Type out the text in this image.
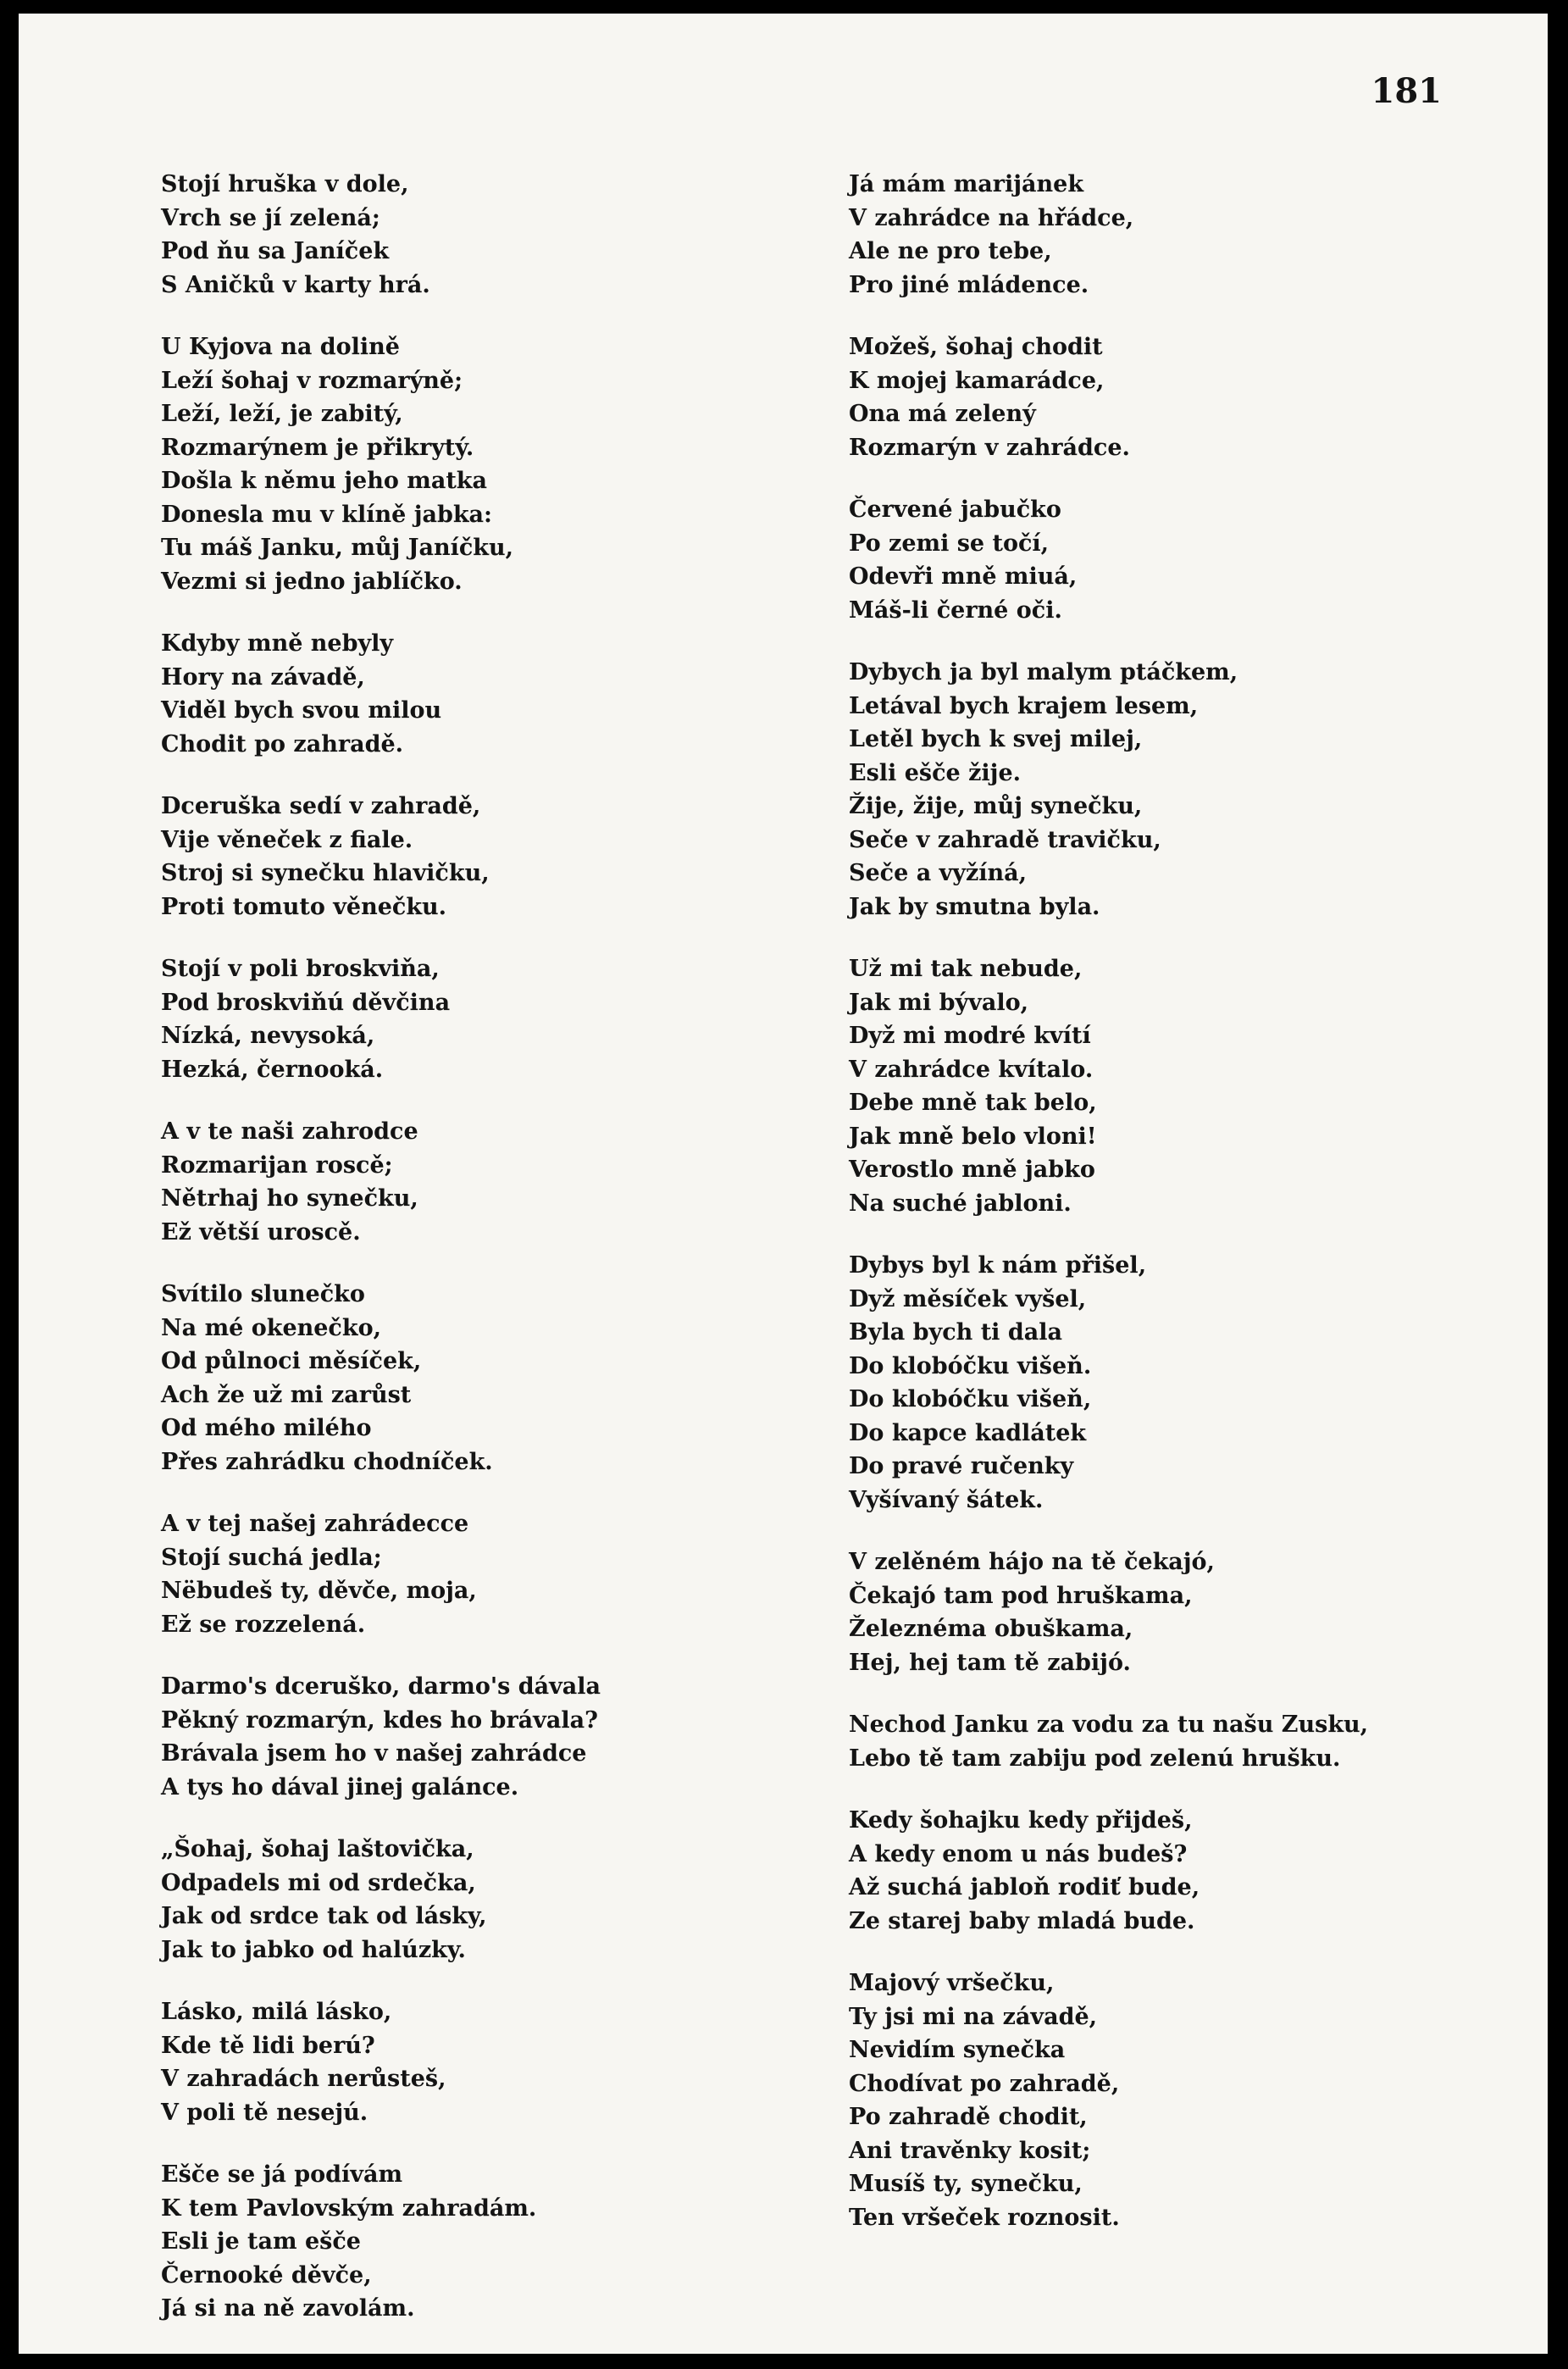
181
Stojí hruška v dole,
Vrch se jí zelená;
Pod ňu sa Janíček
S Aničků v karty hrá.
U Kyjova na dolině
Leží šohaj v rozmarýně;
Leží, leží, je zabitý,
Rozmarýnem je přikrytý.
Došla k němu jeho matka
Donesla mu v klíně jabka:
Tu máš Janku, můj Janíčku,
Vezmi si jedno jablíčko.
Kdyby mně nebyly
Hory na závadě,
Viděl bych svou milou
Chodit po zahradě.
Dceruška sedí v zahradě,
Vije věneček z fiale.
Stroj si synečku hlavičku,
Proti tomuto věnečku.
Stojí v poli broskviňa,
Pod broskviňú děvčina
Nízká, nevysoká,
Hezká, černooká.
A v te naši zahrodce
Rozmarijan roscě;
Nětrhaj ho synečku,
Ež větší uroscě.
Svítilo slunečko
Na mé okenečko,
Od půlnoci měsíček,
Ach že už mi zarůst
Od mého milého
Přes zahrádku chodníček.
A v tej našej zahrádecce
Stojí suchá jedla;
Nëbudeš ty, děvče, moja,
Ež se rozzelená.
Darmo's dceruško, darmo's dávala
Pěkný rozmarýn, kdes ho brávala?
Brávala jsem ho v našej zahrádce
A tys ho dával jinej galánce.
„Šohaj, šohaj laštovička,
Odpadels mi od srdečka,
Jak od srdce tak od lásky,
Jak to jabko od halúzky.
Lásko, milá lásko,
Kde tě lidi berú?
V zahradách nerůsteš,
V poli tě nesejú.
Ešče se já podívám
K tem Pavlovským zahradám.
Esli je tam ešče
Černooké děvče,
Já si na ně zavolám.
Já mám marijánek
V zahrádce na hřádce,
Ale ne pro tebe,
Pro jiné mládence.
Možeš, šohaj chodit
K mojej kamarádce,
Ona má zelený
Rozmarýn v zahrádce.
Červené jabučko
Po zemi se točí,
Odevři mně miuá,
Máš-li černé oči.
Dybych ja byl malym ptáčkem,
Letával bych krajem lesem,
Letěl bych k svej milej,
Esli ešče žije.
Žije, žije, můj synečku,
Seče v zahradě travičku,
Seče a vyžíná,
Jak by smutna byla.
Už mi tak nebude,
Jak mi bývalo,
Dyž mi modré kvítí
V zahrádce kvítalo.
Debe mně tak belo,
Jak mně belo vloni!
Verostlo mně jabko
Na suché jabloni.
Dybys byl k nám přišel,
Dyž měsíček vyšel,
Byla bych ti dala
Do klobóčku višeň.
Do klobóčku višeň,
Do kapce kadlátek
Do pravé ručenky
Vyšívaný šátek.
V zelěném hájo na tě čekajó,
Čekajó tam pod hruškama,
Železnéma obuškama,
Hej, hej tam tě zabijó.
Nechod Janku za vodu za tu našu Zusku,
Lebo tě tam zabiju pod zelenú hrušku.
Kedy šohajku kedy přijdeš,
A kedy enom u nás budeš?
Až suchá jabloň rodiť bude,
Ze starej baby mladá bude.
Majový vršečku,
Ty jsi mi na závadě,
Nevidím synečka
Chodívat po zahradě,
Po zahradě chodit,
Ani travěnky kosit;
Musíš ty, synečku,
Ten vršeček roznosit.
